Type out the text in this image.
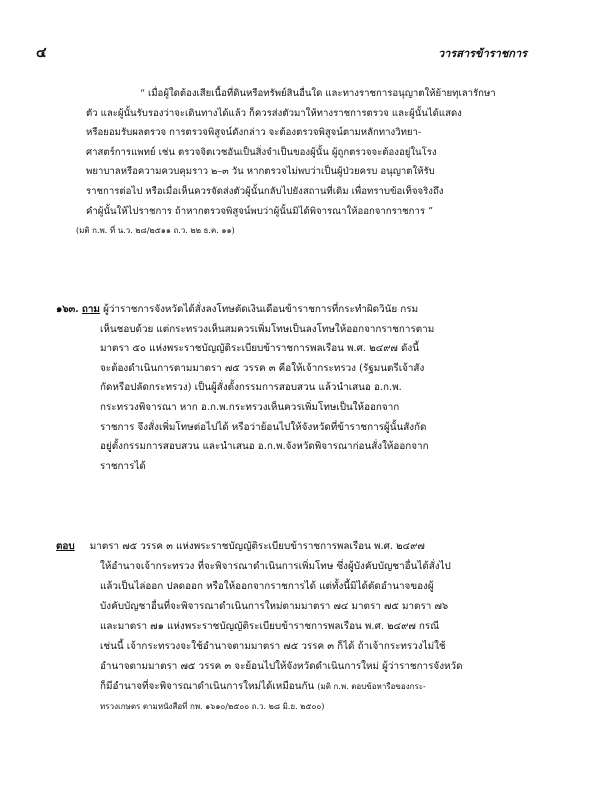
๔	วารสารข้าราชการ
“ เมื่อผู้ใดต้องเสียเนื้อที่ดินหรือทรัพย์สินอื่นใด และทางราชการอนุญาตให้ย้ายทุเลารักษา
ตัว และผู้นั้นรับรองว่าจะเดินทางได้แล้ว ก็ควรส่งตัวมาให้ทางราชการตรวจ และผู้นั้นได้แสดง
หรือยอมรับผลตรวจ การตรวจพิสูจน์ดังกล่าว จะต้องตรวจพิสูจน์ตามหลักทางวิทยา-
ศาสตร์การแพทย์ เช่น ตรวจจิตเวชอันเป็นสิ่งจำเป็นของผู้นั้น ผู้ถูกตรวจจะต้องอยู่ในโรง
พยาบาลหรือความควบคุมราว ๒–๓ วัน หากตรวจไม่พบว่าเป็นผู้ป่วยครบ อนุญาตให้รับ
ราชการต่อไป หรือเมื่อเห็นควรจัดส่งตัวผู้นั้นกลับไปยังสถานที่เดิม เพื่อทราบข้อเท็จจริงถึง
คำผู้นั้นให้ไปราชการ ถ้าหากตรวจพิสูจน์พบว่าผู้นั้นมิได้พิจารณาให้ออกจากราชการ ”
(มติ ก.พ. ที่ น.ว. ๒๘/๒๕๑๑ ถ.ว. ๒๒ ธ.ค. ๑๑)
๑๖๓. ถาม ผู้ว่าราชการจังหวัดได้สั่งลงโทษตัดเงินเดือนข้าราชการที่กระทำผิดวินัย กรม
เห็นชอบด้วย แต่กระทรวงเห็นสมควรเพิ่มโทษเป็นลงโทษให้ออกจากราชการตาม
มาตรา ๕๐ แห่งพระราชบัญญัติระเบียบข้าราชการพลเรือน พ.ศ. ๒๔๙๗ ดังนี้
จะต้องดำเนินการตามมาตรา ๗๕ วรรค ๓ คือให้เจ้ากระทรวง (รัฐมนตรีเจ้าสัง
กัดหรือปลัดกระทรวง) เป็นผู้สั่งตั้งกรรมการสอบสวน แล้วนำเสนอ อ.ก.พ.
กระทรวงพิจารณา หาก อ.ก.พ.กระทรวงเห็นควรเพิ่มโทษเป็นให้ออกจาก
ราชการ จึงสั่งเพิ่มโทษต่อไปได้ หรือว่าย้อนไปให้จังหวัดที่ข้าราชการผู้นั้นสังกัด
อยู่ตั้งกรรมการสอบสวน และนำเสนอ อ.ก.พ.จังหวัดพิจารณาก่อนสั่งให้ออกจาก
ราชการได้
ตอบ มาตรา ๗๕ วรรค ๓ แห่งพระราชบัญญัติระเบียบข้าราชการพลเรือน พ.ศ. ๒๔๙๗
ให้อำนาจเจ้ากระทรวง ที่จะพิจารณาดำเนินการเพิ่มโทษ ซึ่งผู้บังคับบัญชาอื่นได้สั่งไป
แล้วเป็นไล่ออก ปลดออก หรือให้ออกจากราชการได้ แต่ทั้งนี้มิได้ตัดอำนาจของผู้
บังคับบัญชาอื่นที่จะพิจารณาดำเนินการใหม่ตามมาตรา ๗๔ มาตรา ๗๕ มาตรา ๗๖
และมาตรา ๗๑ แห่งพระราชบัญญัติระเบียบข้าราชการพลเรือน พ.ศ. ๒๔๙๗ กรณี
เช่นนี้ เจ้ากระทรวงจะใช้อำนาจตามมาตรา ๗๕ วรรค ๓ ก็ได้ ถ้าเจ้ากระทรวงไม่ใช้
อำนาจตามมาตรา ๗๕ วรรค ๓ จะย้อนไปให้จังหวัดดำเนินการใหม่ ผู้ว่าราชการจังหวัด
ก็มีอำนาจที่จะพิจารณาดำเนินการใหม่ได้เหมือนกัน (มติ ก.พ. ตอบข้อหารือของกระ-
ทรวงเกษตร ตามหนังสือที่ กพ. ๑๖๑๐/๒๕๐๐ ถ.ว. ๒๘ มิ.ย. ๒๕๐๐)
